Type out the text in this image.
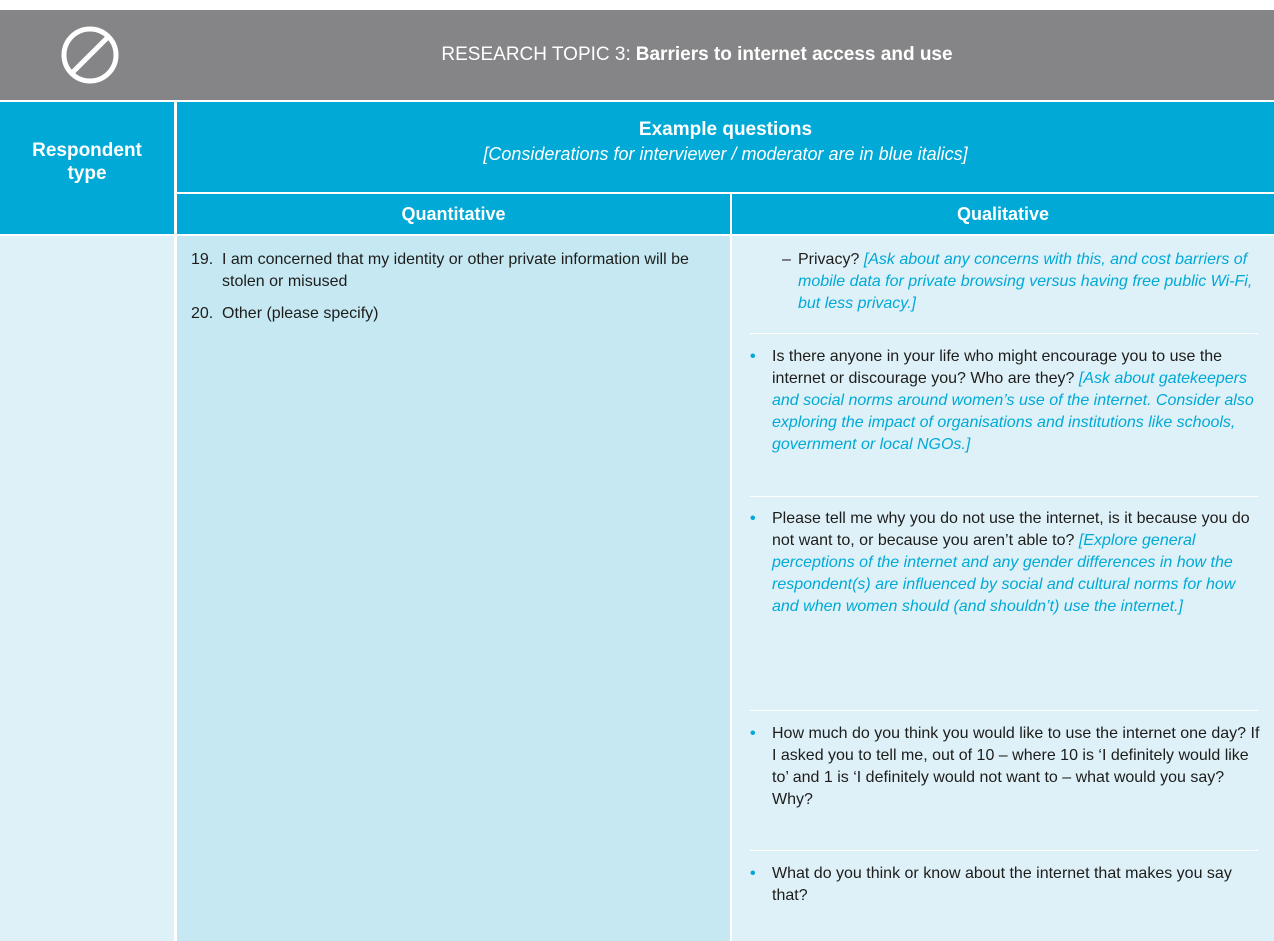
RESEARCH TOPIC 3: Barriers to internet access and use
Respondent type
Example questions
[Considerations for interviewer / moderator are in blue italics]
Quantitative	Qualitative
19. I am concerned that my identity or other private information will be stolen or misused
20. Other (please specify)
– Privacy? [Ask about any concerns with this, and cost barriers of mobile data for private browsing versus having free public Wi-Fi, but less privacy.]
• Is there anyone in your life who might encourage you to use the internet or discourage you? Who are they? [Ask about gatekeepers and social norms around women’s use of the internet. Consider also exploring the impact of organisations and institutions like schools, government or local NGOs.]
• Please tell me why you do not use the internet, is it because you do not want to, or because you aren’t able to? [Explore general perceptions of the internet and any gender differences in how the respondent(s) are influenced by social and cultural norms for how and when women should (and shouldn’t) use the internet.]
• How much do you think you would like to use the internet one day? If I asked you to tell me, out of 10 – where 10 is ‘I definitely would like to’ and 1 is ‘I definitely would not want to – what would you say? Why?
• What do you think or know about the internet that makes you say that?
